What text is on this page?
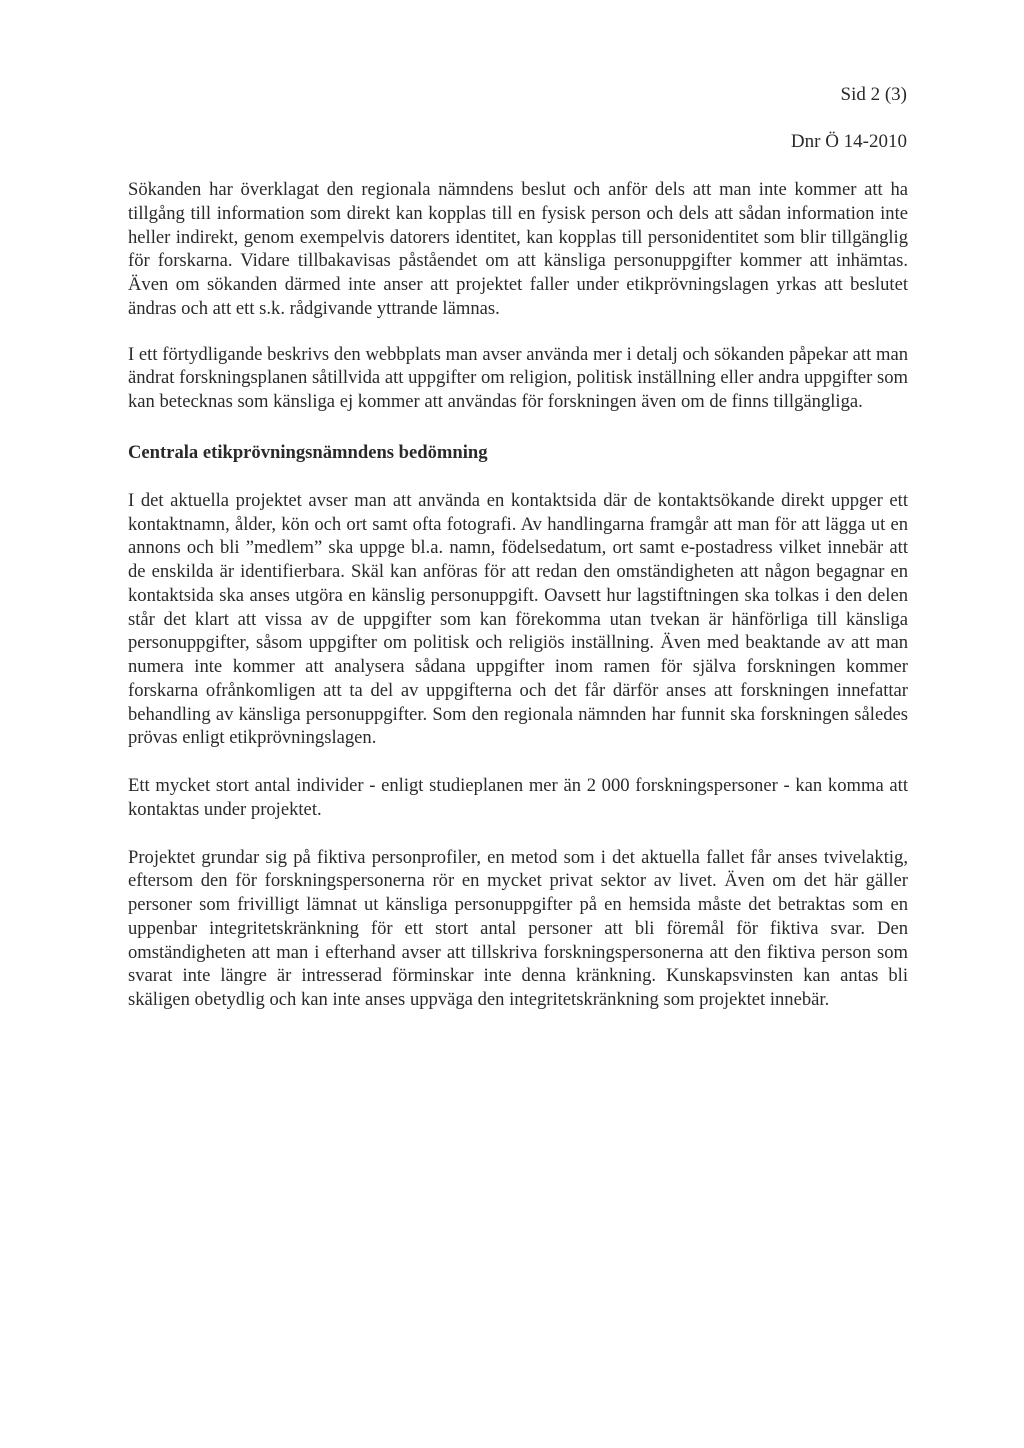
Sid 2 (3)
Dnr Ö 14-2010

Sökanden har överklagat den regionala nämndens beslut och anför dels att man inte kommer att ha tillgång till information som direkt kan kopplas till en fysisk person och dels att sådan information inte heller indirekt, genom exempelvis datorers identitet, kan kopplas till personidentitet som blir tillgänglig för forskarna. Vidare tillbakavisas påståendet om att känsliga personuppgifter kommer att inhämtas. Även om sökanden därmed inte anser att projektet faller under etikprövningslagen yrkas att beslutet ändras och att ett s.k. rådgivande yttrande lämnas.

I ett förtydligande beskrivs den webbplats man avser använda mer i detalj och sökanden påpekar att man ändrat forskningsplanen såtillvida att uppgifter om religion, politisk inställning eller andra uppgifter som kan betecknas som känsliga ej kommer att användas för forskningen även om de finns tillgängliga.

Centrala etikprövningsnämndens bedömning

I det aktuella projektet avser man att använda en kontaktsida där de kontaktsökande direkt uppger ett kontaktnamn, ålder, kön och ort samt ofta fotografi. Av handlingarna framgår att man för att lägga ut en annons och bli ”medlem” ska uppge bl.a. namn, födelsedatum, ort samt e-postadress vilket innebär att de enskilda är identifierbara. Skäl kan anföras för att redan den omständigheten att någon begagnar en kontaktsida ska anses utgöra en känslig personuppgift. Oavsett hur lagstiftningen ska tolkas i den delen står det klart att vissa av de uppgifter som kan förekomma utan tvekan är hänförliga till känsliga personuppgifter, såsom uppgifter om politisk och religiös inställning. Även med beaktande av att man numera inte kommer att analysera sådana uppgifter inom ramen för själva forskningen kommer forskarna ofrånkomligen att ta del av uppgifterna och det får därför anses att forskningen innefattar behandling av känsliga personuppgifter. Som den regionala nämnden har funnit ska forskningen således prövas enligt etikprövningslagen.

Ett mycket stort antal individer - enligt studieplanen mer än 2 000 forskningspersoner - kan komma att kontaktas under projektet.

Projektet grundar sig på fiktiva personprofiler, en metod som i det aktuella fallet får anses tvivelaktig, eftersom den för forskningspersonerna rör en mycket privat sektor av livet. Även om det här gäller personer som frivilligt lämnat ut känsliga personuppgifter på en hemsida måste det betraktas som en uppenbar integritetskränkning för ett stort antal personer att bli föremål för fiktiva svar. Den omständigheten att man i efterhand avser att tillskriva forskningspersonerna att den fiktiva person som svarat inte längre är intresserad förminskar inte denna kränkning. Kunskapsvinsten kan antas bli skäligen obetydlig och kan inte anses uppväga den integritetskränkning som projektet innebär.
